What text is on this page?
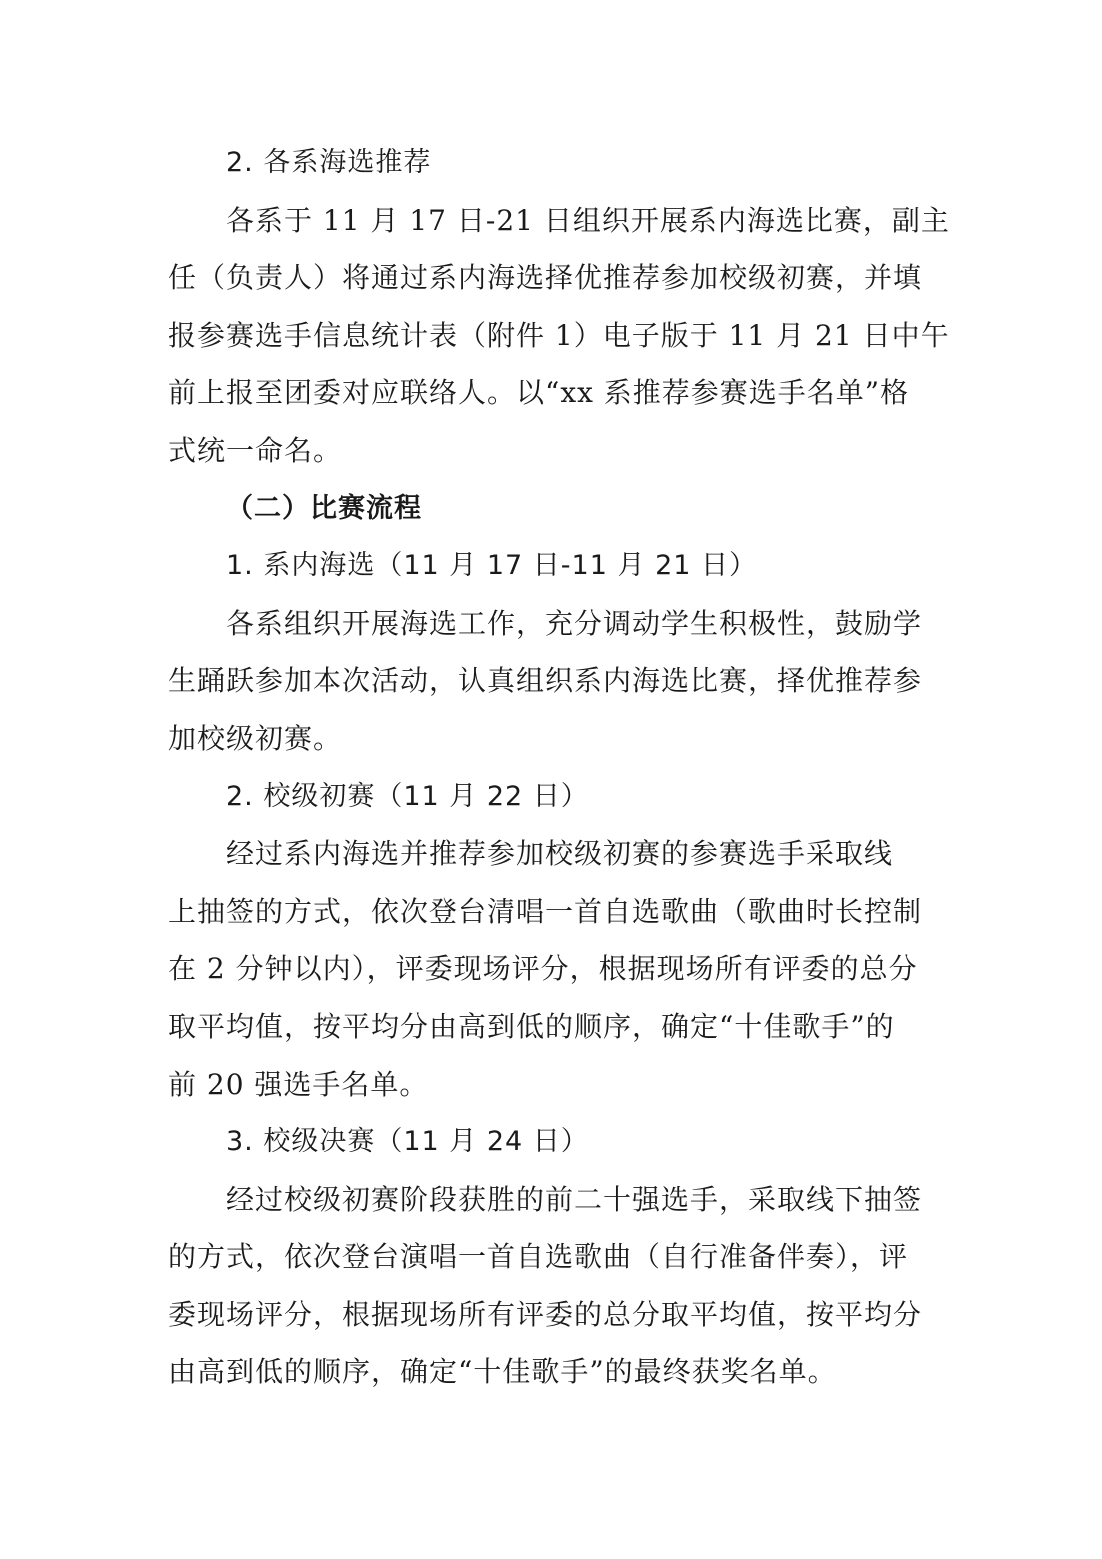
2. 各系海选推荐

各系于 11 月 17 日-21 日组织开展系内海选比赛，副主
任（负责人）将通过系内海选择优推荐参加校级初赛，并填
报参赛选手信息统计表（附件 1）电子版于 11 月 21 日中午
前上报至团委对应联络人。以“xx 系推荐参赛选手名单”格
式统一命名。

（二）比赛流程

1. 系内海选（11 月 17 日-11 月 21 日）

各系组织开展海选工作，充分调动学生积极性，鼓励学
生踊跃参加本次活动，认真组织系内海选比赛，择优推荐参
加校级初赛。

2. 校级初赛（11 月 22 日）

经过系内海选并推荐参加校级初赛的参赛选手采取线
上抽签的方式，依次登台清唱一首自选歌曲（歌曲时长控制
在 2 分钟以内），评委现场评分，根据现场所有评委的总分
取平均值，按平均分由高到低的顺序，确定“十佳歌手”的
前 20 强选手名单。

3. 校级决赛（11 月 24 日）

经过校级初赛阶段获胜的前二十强选手，采取线下抽签
的方式，依次登台演唱一首自选歌曲（自行准备伴奏），评
委现场评分，根据现场所有评委的总分取平均值，按平均分
由高到低的顺序，确定“十佳歌手”的最终获奖名单。
